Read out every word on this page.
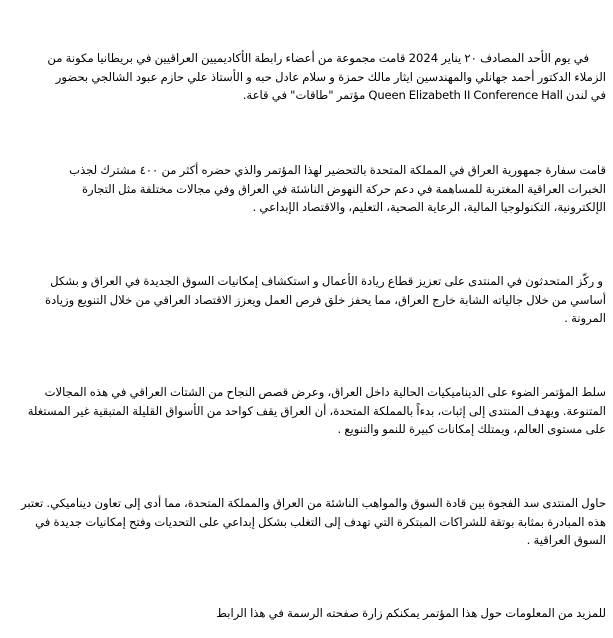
في يوم الأحد المصادف ٢٠ يناير 2024 قامت مجموعة من أعضاء رابطة الأكاديميين العراقيين في بريطانيا مكونة من
الزملاء الدكتور أحمد جهانلي والمهندسين ايثار مالك حمزة و سلام عادل حبه و الأستاذ علي حازم عبود الشالجي بحضور
في لندن Queen Elizabeth II Conference Hall مؤتمر "طاقات" في قاعة.

قامت سفارة جمهورية العراق في المملكة المتحدة بالتحضير لهذا المؤتمر والذي حضره أكثر من ٤٠٠ مشترك لجذب
الخبرات العراقية المغتربة للمساهمة في دعم حركة النهوض الناشئة في العراق وفي مجالات مختلفة مثل التجارة
الإلكترونية، التكنولوجيا المالية، الرعاية الصحية، التعليم، والاقتصاد الإبداعي .

و ركّز المتحدثون في المنتدى على تعزيز قطاع ريادة الأعمال و استكشاف إمكانيات السوق الجديدة في العراق و بشكل
أساسي من خلال جالياته الشابة خارج العراق، مما يحفز خلق فرص العمل ويعزز الاقتصاد العراقي من خلال التنويع وزيادة
المرونة .

سلط المؤتمر الضوء على الديناميكيات الحالية داخل العراق، وعرض قصص النجاح من الشتات العراقي في هذه المجالات
المتنوعة. ويهدف المنتدى إلى إثبات، بدءاً بالمملكة المتحدة، أن العراق يقف كواحد من الأسواق القليلة المتبقية غير المستغلة
على مستوى العالم، ويمتلك إمكانات كبيرة للنمو والتنويع .

حاول المنتدى سد الفجوة بين قادة السوق والمواهب الناشئة من العراق والمملكة المتحدة، مما أدى إلى تعاون ديناميكي. تعتبر
هذه المبادرة بمثابة بوتقة للشراكات المبتكرة التي تهدف إلى التغلب بشكل إبداعي على التحديات وفتح إمكانيات جديدة في
السوق العراقية .

للمزيد من المعلومات حول هذا المؤتمر يمكنكم زارة صفحته الرسمة في هذا الرابط
